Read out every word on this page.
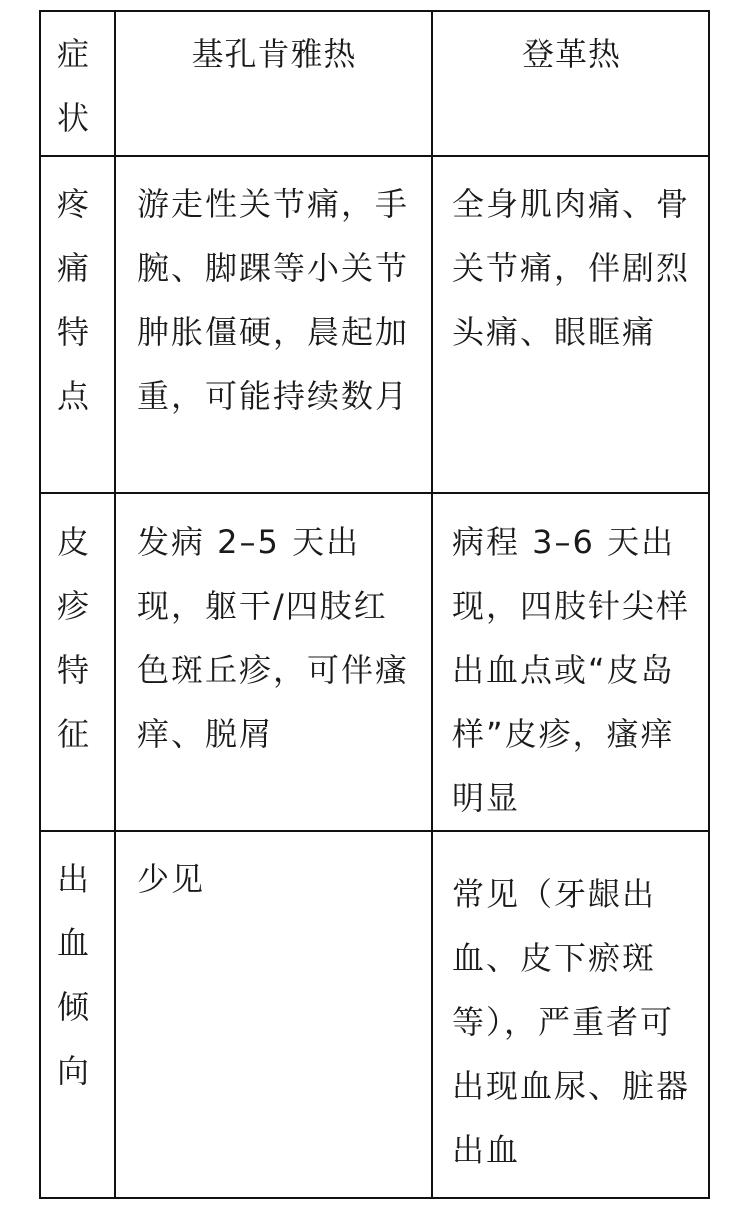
症状
基孔肯雅热	登革热
疼痛特点
游走性关节痛，手腕、脚踝等小关节肿胀僵硬，晨起加重，可能持续数月
全身肌肉痛、骨关节痛，伴剧烈头痛、眼眶痛
皮疹特征
发病 2–5 天出现，躯干/四肢红色斑丘疹，可伴瘙痒、脱屑
病程 3–6 天出现，四肢针尖样出血点或“皮岛样”皮疹，瘙痒明显
出血倾向
少见	常见（牙龈出血、皮下瘀斑等），严重者可出现血尿、脏器出血
